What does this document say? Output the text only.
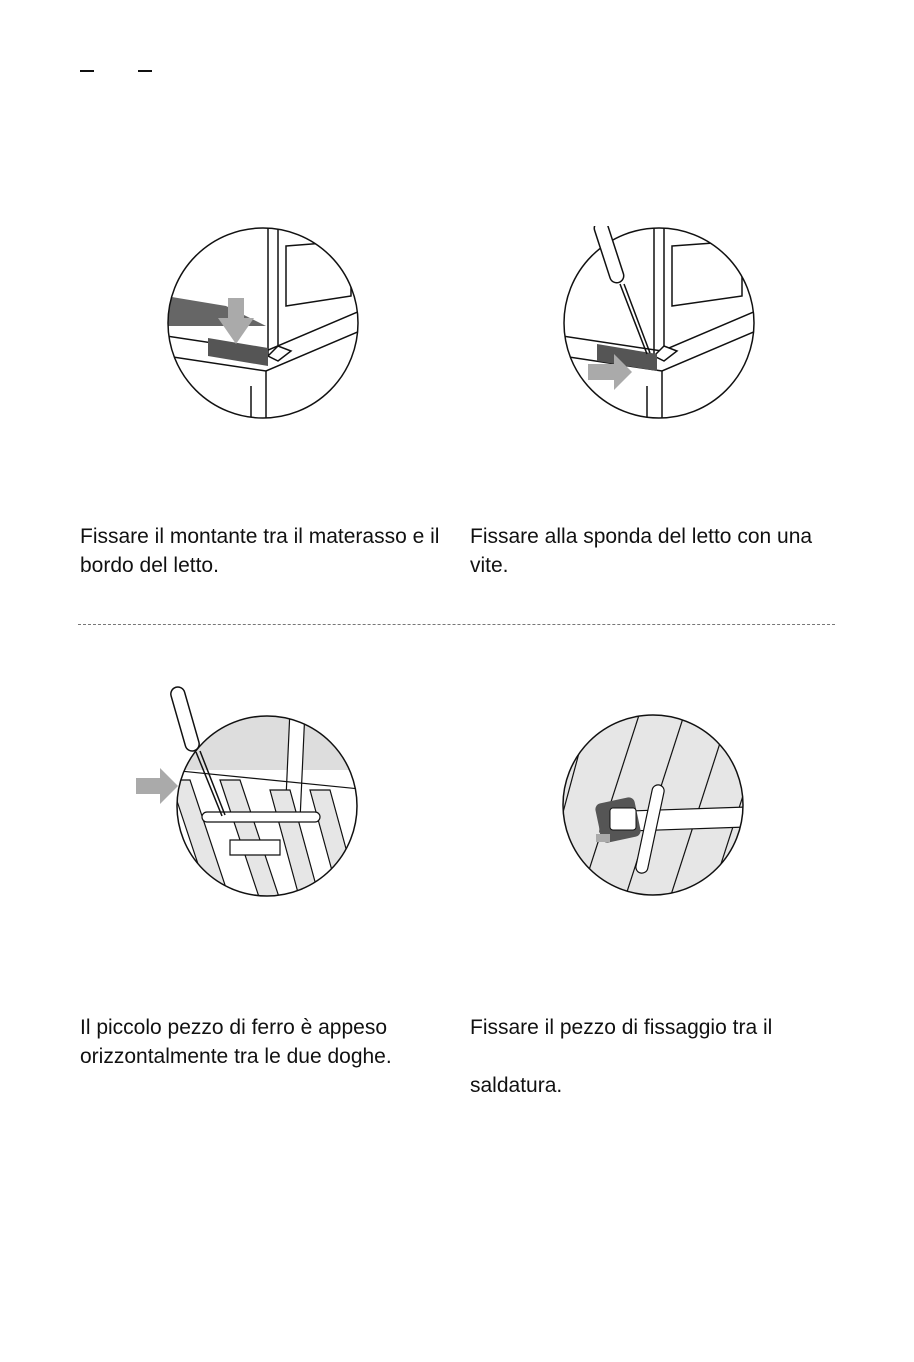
Fissare il montante tra il materasso e il bordo del letto.

Fissare alla sponda del letto con una vite.

Il piccolo pezzo di ferro è appeso orizzontalmente tra le due doghe.

Fissare il pezzo di fissaggio tra il

saldatura.
